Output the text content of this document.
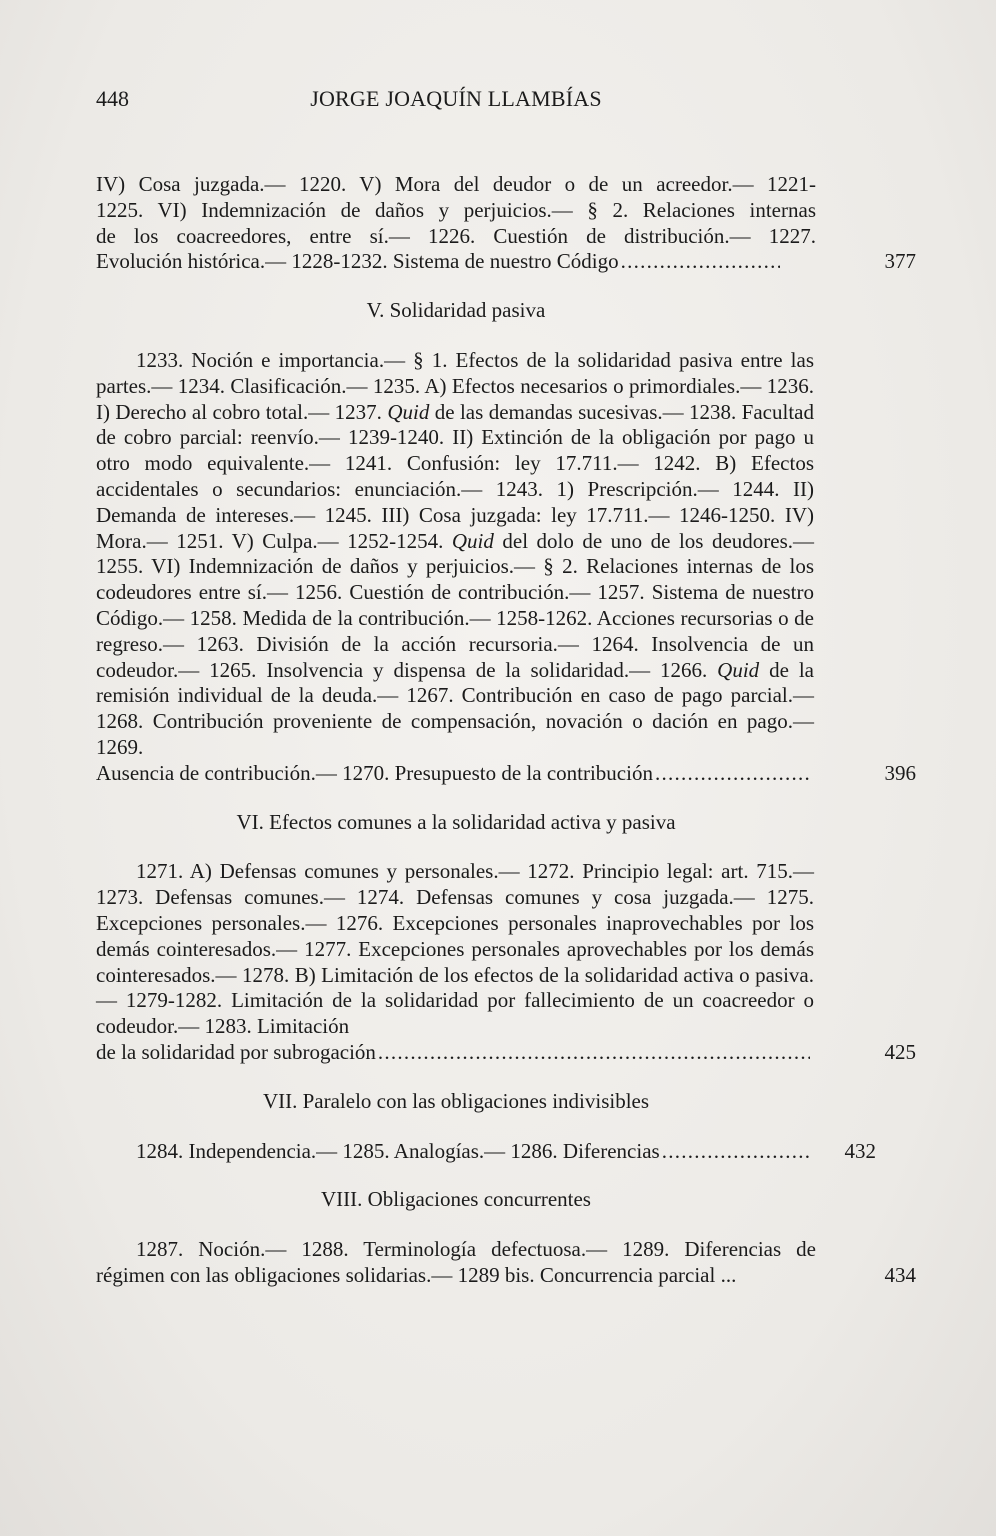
448	JORGE JOAQUÍN LLAMBÍAS
IV) Cosa juzgada.— 1220. V) Mora del deudor o de un acreedor.— 1221-
1225. VI) Indemnización de daños y perjuicios.— § 2. Relaciones internas
de los coacreedores, entre sí.— 1226. Cuestión de distribución.— 1227.
Evolución histórica.— 1228-1232. Sistema de nuestro Código . . .	377
V. Solidaridad pasiva
1233. Noción e importancia.— § 1. Efectos de la solidaridad pasiva entre las partes.— 1234. Clasificación.— 1235. A) Efectos necesarios o primordiales.— 1236. I) Derecho al cobro total.— 1237. Quid de las demandas sucesivas.— 1238. Facultad de cobro parcial: reenvío.— 1239-1240. II) Extinción de la obligación por pago u otro modo equivalente.— 1241. Confusión: ley 17.711.— 1242. B) Efectos accidentales o secundarios: enunciación.— 1243. 1) Prescripción.— 1244. II) Demanda de intereses.— 1245. III) Cosa juzgada: ley 17.711.— 1246-1250. IV) Mora.— 1251. V) Culpa.— 1252-1254. Quid del dolo de uno de los deudores.— 1255. VI) Indemnización de daños y perjuicios.— § 2. Relaciones internas de los codeudores entre sí.— 1256. Cuestión de contribución.— 1257. Sistema de nuestro Código.— 1258. Medida de la contribución.— 1258-1262. Acciones recursorias o de regreso.— 1263. División de la acción recursoria.— 1264. Insolvencia de un codeudor.— 1265. Insolvencia y dispensa de la solidaridad.— 1266. Quid de la remisión individual de la deuda.— 1267. Contribución en caso de pago parcial.— 1268. Contribución proveniente de compensación, novación o dación en pago.— 1269.
Ausencia de contribución.— 1270. Presupuesto de la contribución . . .	396
VI. Efectos comunes a la solidaridad activa y pasiva
1271. A) Defensas comunes y personales.— 1272. Principio legal: art. 715.— 1273. Defensas comunes.— 1274. Defensas comunes y cosa juzgada.— 1275. Excepciones personales.— 1276. Excepciones personales inaprovechables por los demás cointeresados.— 1277. Excepciones personales aprovechables por los demás cointeresados.— 1278. B) Limitación de los efectos de la solidaridad activa o pasiva.— 1279-1282. Limitación de la solidaridad por fallecimiento de un coacreedor o codeudor.— 1283. Limitación
de la solidaridad por subrogación . . .	425
VII. Paralelo con las obligaciones indivisibles
1284. Independencia.— 1285. Analogías.— 1286. Diferencias . . .	432
VIII. Obligaciones concurrentes
1287. Noción.— 1288. Terminología defectuosa.— 1289. Diferencias de
régimen con las obligaciones solidarias.— 1289 bis. Concurrencia parcial ...	434
